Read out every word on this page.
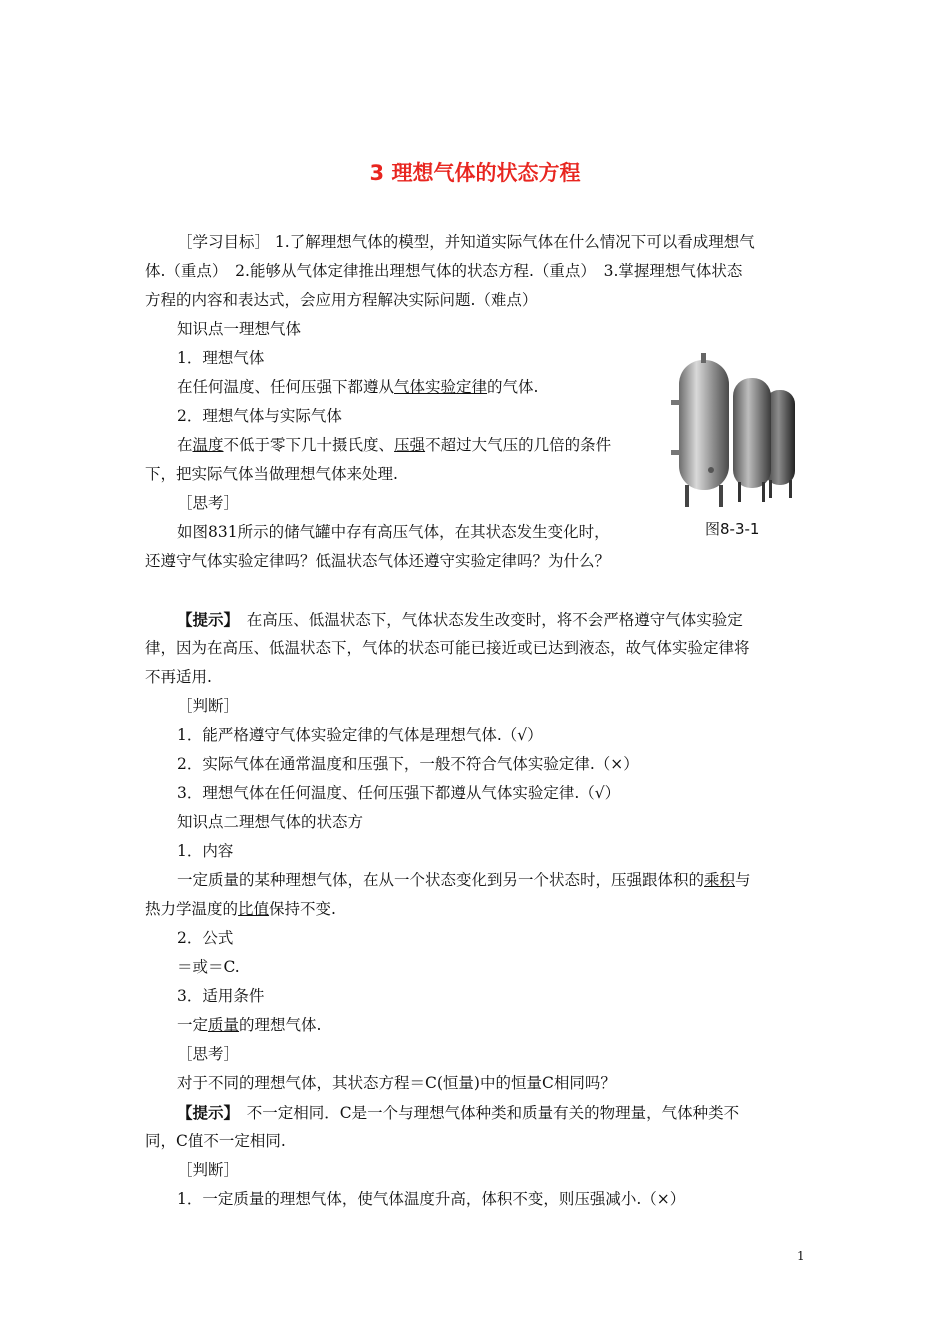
3 理想气体的状态方程
［学习目标］ 1.了解理想气体的模型，并知道实际气体在什么情况下可以看成理想气
体.（重点）　2.能够从气体定律推出理想气体的状态方程.（重点）　3.掌握理想气体状态
方程的内容和表达式，会应用方程解决实际问题.（难点）
知识点一理想气体
1．理想气体
在任何温度、任何压强下都遵从气体实验定律的气体.
2．理想气体与实际气体
在温度不低于零下几十摄氏度、压强不超过大气压的几倍的条件
下，把实际气体当做理想气体来处理.
［思考］
如图831所示的储气罐中存有高压气体，在其状态发生变化时，
还遵守气体实验定律吗？低温状态气体还遵守实验定律吗？为什么？
图8-3-1
【提示】　在高压、低温状态下，气体状态发生改变时，将不会严格遵守气体实验定
律，因为在高压、低温状态下，气体的状态可能已接近或已达到液态，故气体实验定律将
不再适用.
［判断］
1．能严格遵守气体实验定律的气体是理想气体.（√）
2．实际气体在通常温度和压强下，一般不符合气体实验定律.（×）
3．理想气体在任何温度、任何压强下都遵从气体实验定律.（√）
知识点二理想气体的状态方
1．内容
一定质量的某种理想气体，在从一个状态变化到另一个状态时，压强跟体积的乘积与
热力学温度的比值保持不变.
2．公式
＝或＝C.
3．适用条件
一定质量的理想气体.
［思考］
对于不同的理想气体，其状态方程＝C(恒量)中的恒量C相同吗？
【提示】　不一定相同．C是一个与理想气体种类和质量有关的物理量，气体种类不
同，C值不一定相同.
［判断］
1．一定质量的理想气体，使气体温度升高，体积不变，则压强减小.（×）
1
